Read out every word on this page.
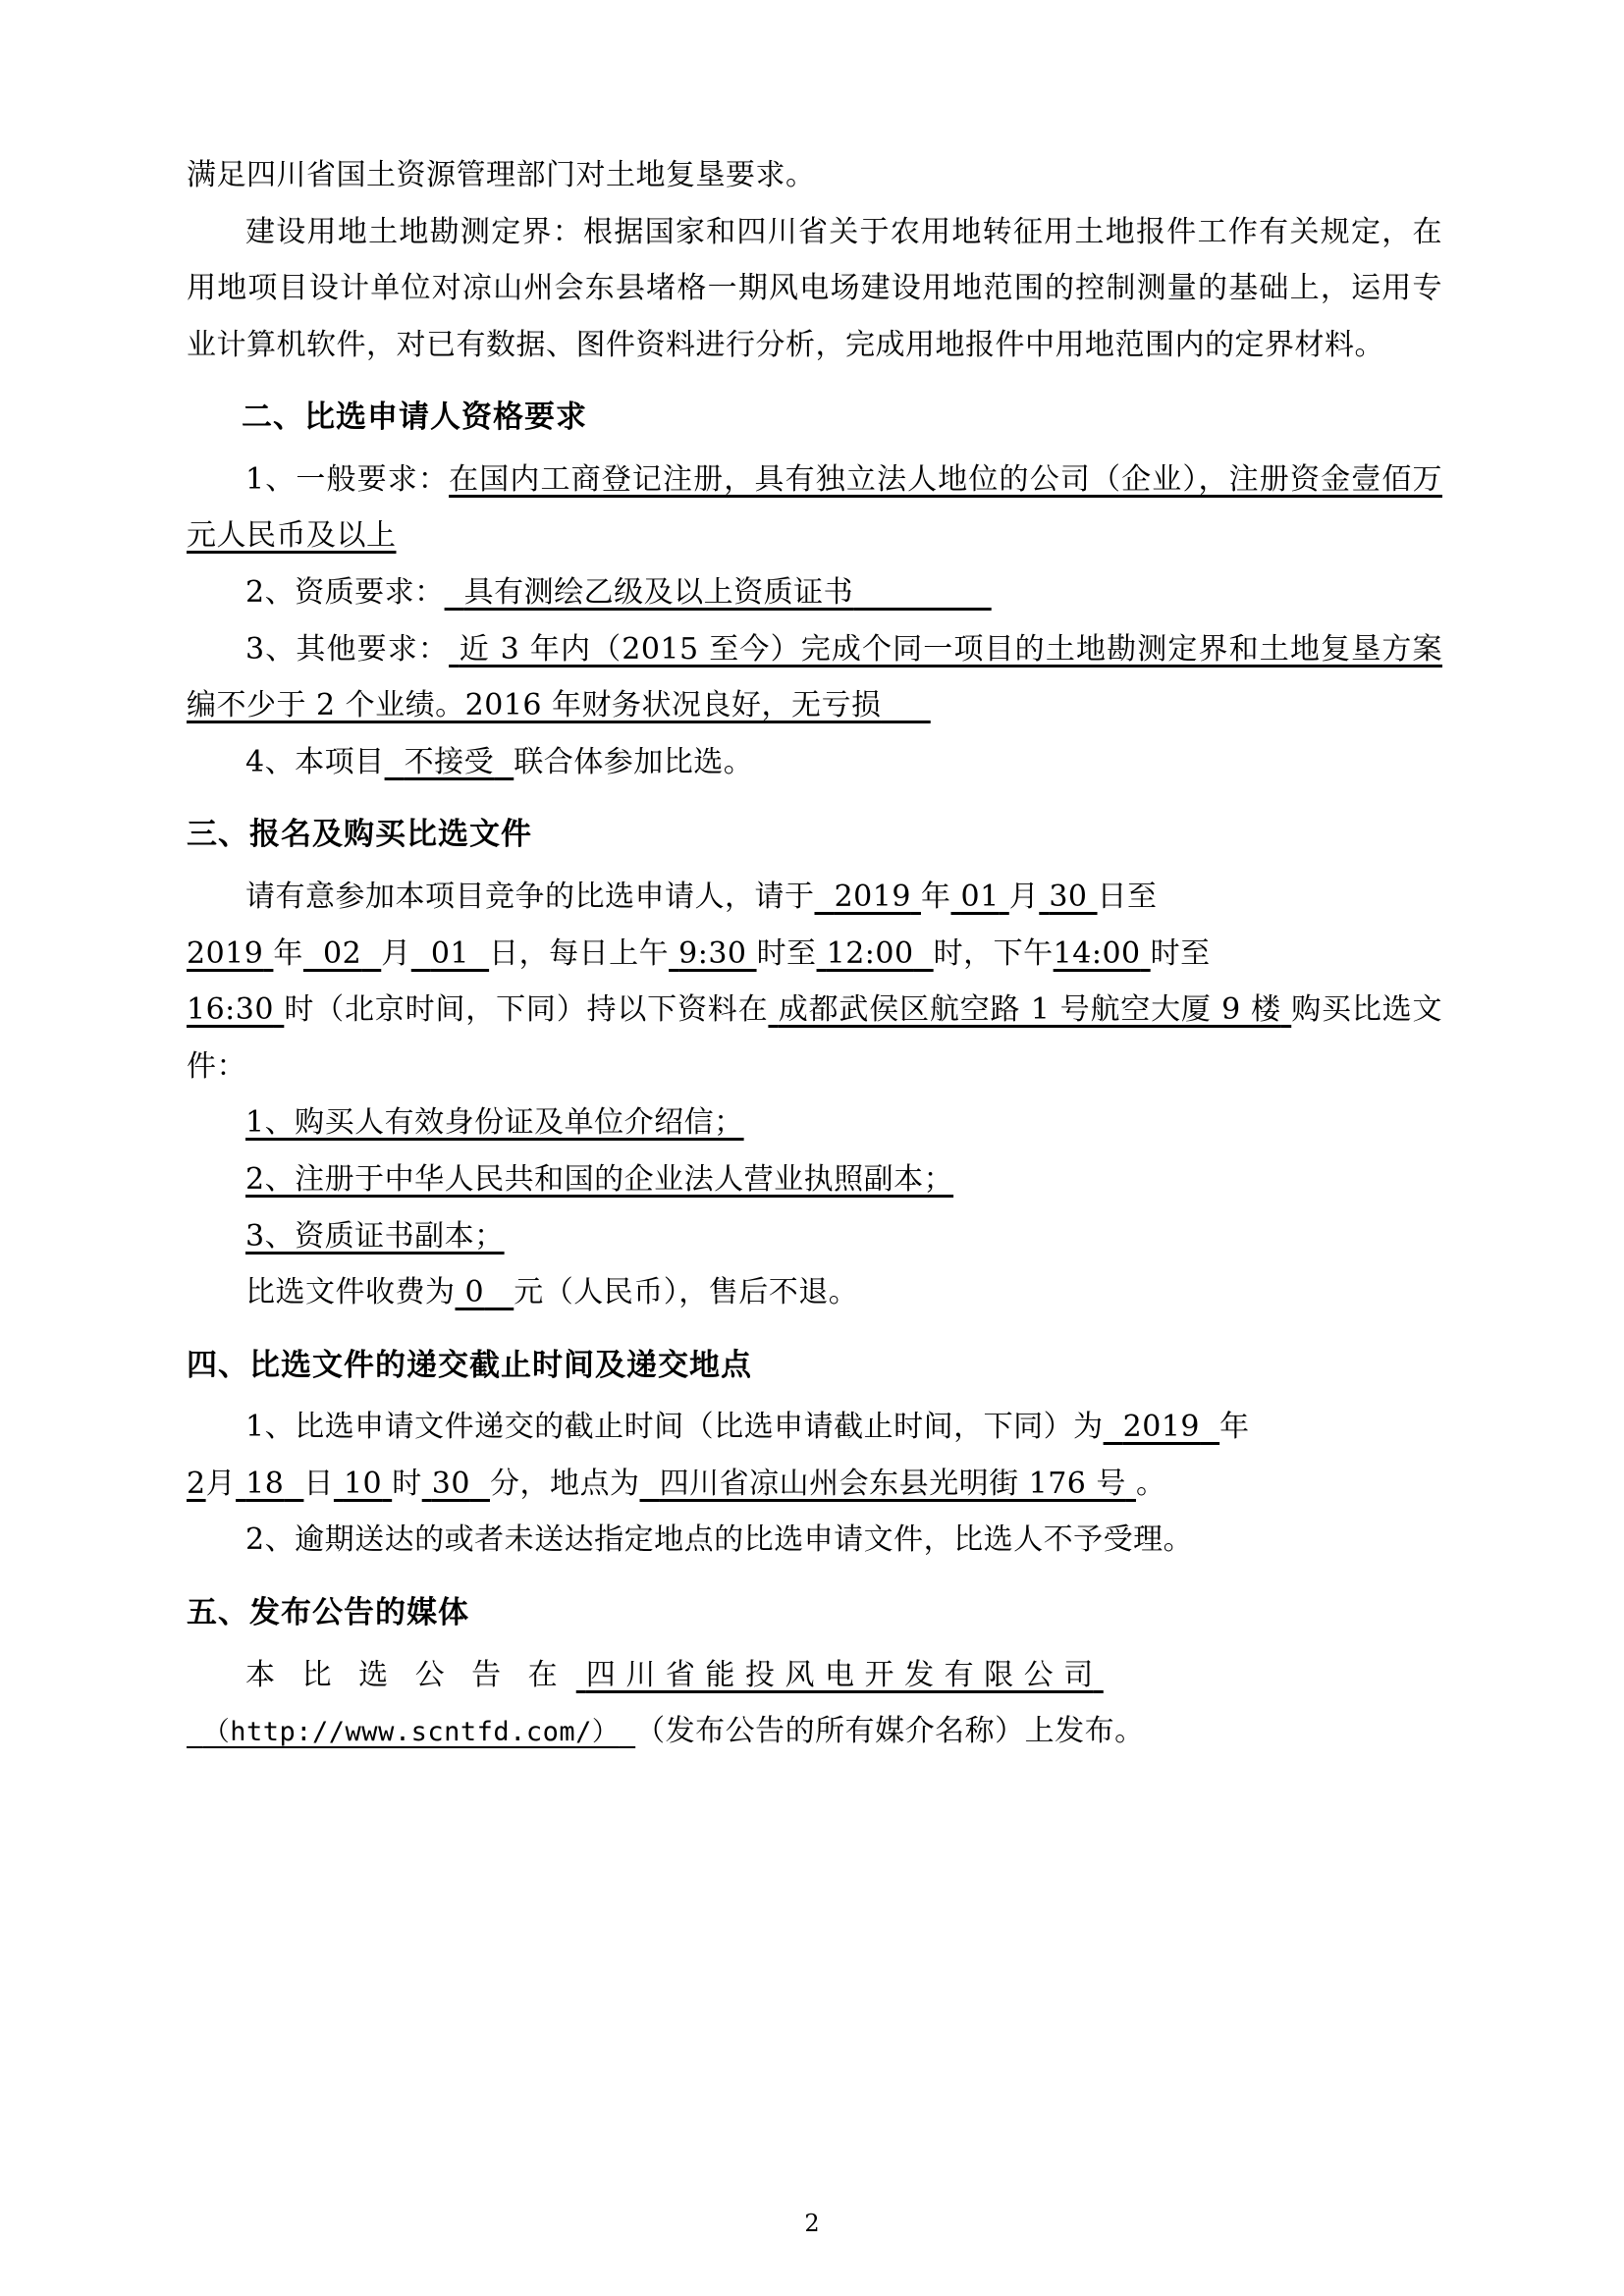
满足四川省国土资源管理部门对土地复垦要求。

建设用地土地勘测定界：根据国家和四川省关于农用地转征用土地报件工作有关规定，在用地项目设计单位对凉山州会东县堵格一期风电场建设用地范围的控制测量的基础上，运用专业计算机软件，对已有数据、图件资料进行分析，完成用地报件中用地范围内的定界材料。

二、比选申请人资格要求

1、一般要求：在国内工商登记注册，具有独立法人地位的公司（企业），注册资金壹佰万元人民币及以上

2、资质要求： 具有测绘乙级及以上资质证书

3、其他要求： 近 3 年内（2015 至今）完成个同一项目的土地勘测定界和土地复垦方案编不少于 2 个业绩。2016 年财务状况良好，无亏损

4、本项目 不接受 联合体参加比选。

三、报名及购买比选文件

请有意参加本项目竞争的比选申请人，请于 2019 年 01 月 30 日至
2019 年 02 月 01 日，每日上午 9:30 时至 12:00 时，下午14:00 时至
16:30 时（北京时间，下同）持以下资料在 成都武侯区航空路 1 号航空大厦 9 楼 购买比选文件：

1、购买人有效身份证及单位介绍信；

2、注册于中华人民共和国的企业法人营业执照副本；

3、资质证书副本；

比选文件收费为 0 元（人民币），售后不退。

四、比选文件的递交截止时间及递交地点

1、比选申请文件递交的截止时间（比选申请截止时间，下同）为 2019 年
2月 18 日 10 时 30 分，地点为 四川省凉山州会东县光明街 176 号 。

2、逾期送达的或者未送达指定地点的比选申请文件，比选人不予受理。

五、发布公告的媒体

本 比 选 公 告 在 四 川 省 能 投 风 电 开 发 有 限 公 司
（http://www.scntfd.com/） （发布公告的所有媒介名称）上发布。

2
